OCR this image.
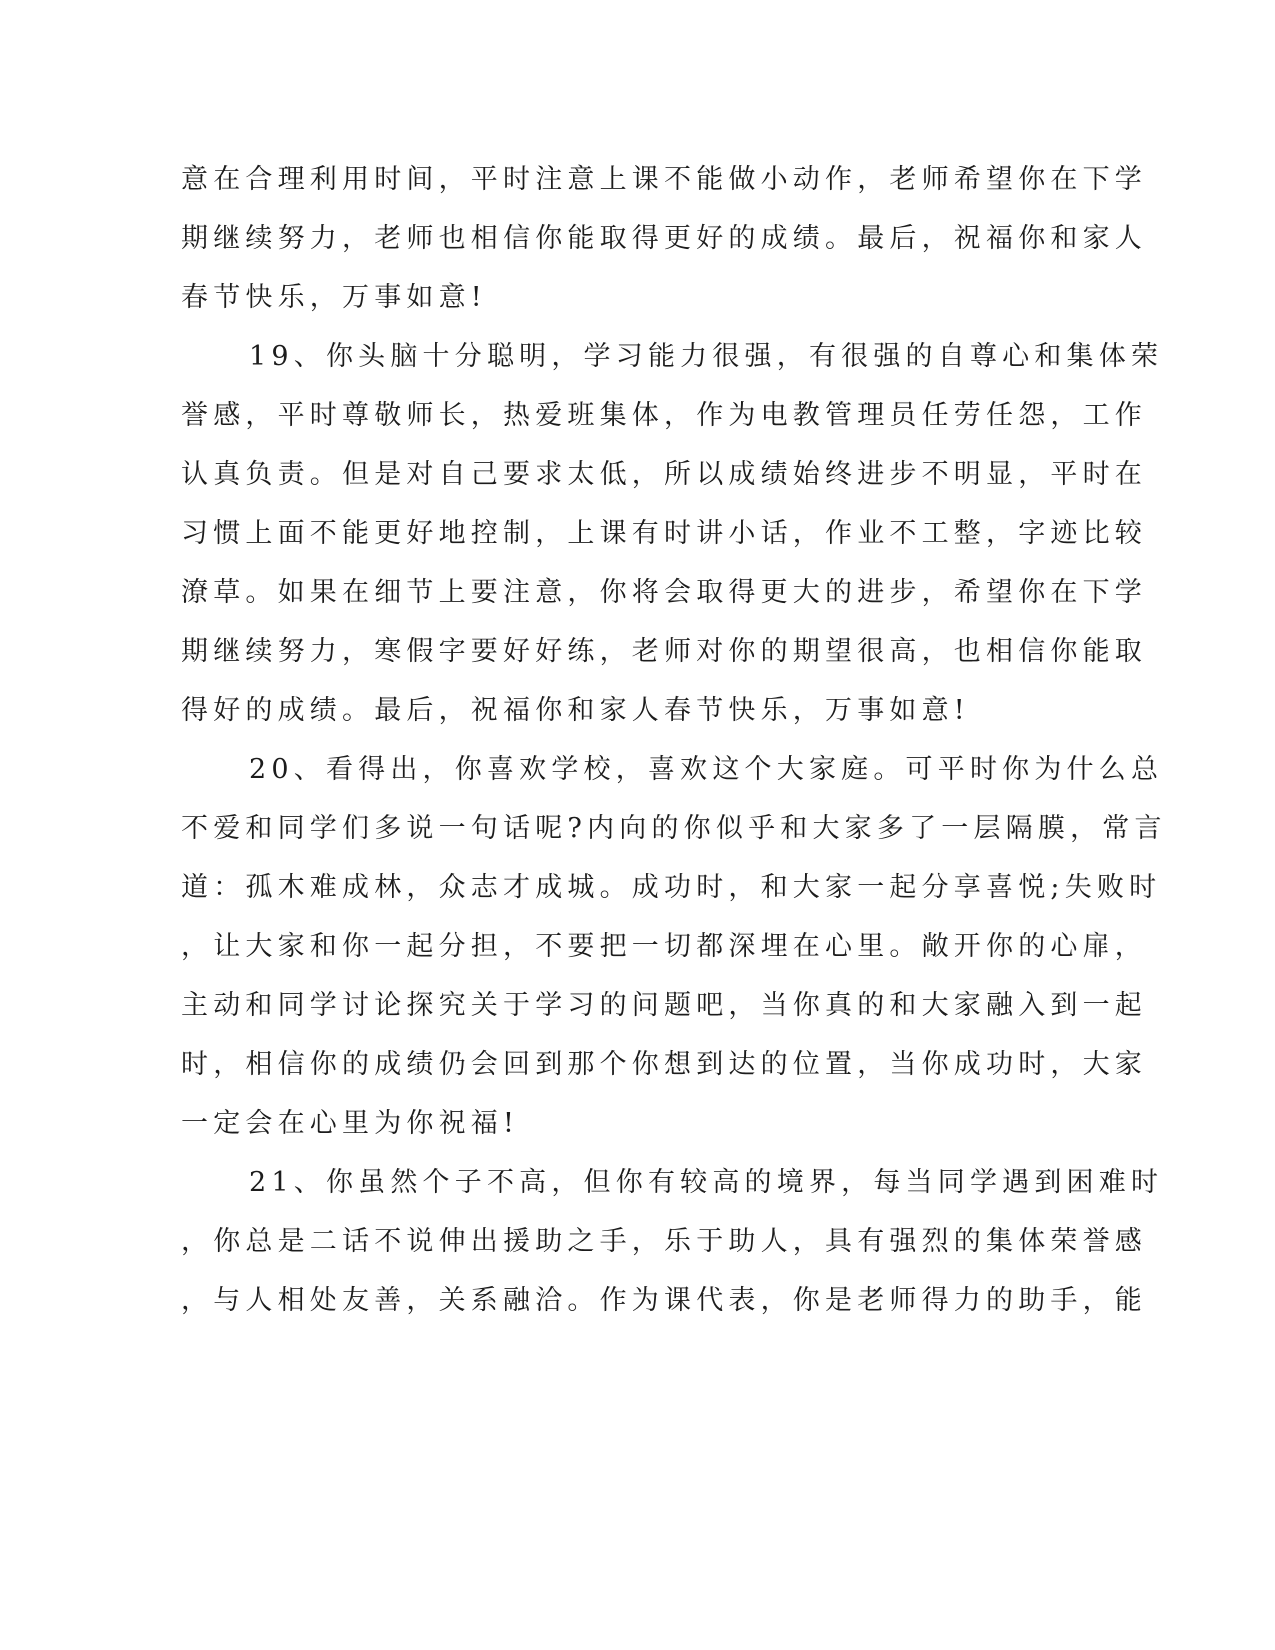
意在合理利用时间，平时注意上课不能做小动作，老师希望你在下学

期继续努力，老师也相信你能取得更好的成绩。最后，祝福你和家人

春节快乐，万事如意!

19、你头脑十分聪明，学习能力很强，有很强的自尊心和集体荣

誉感，平时尊敬师长，热爱班集体，作为电教管理员任劳任怨，工作

认真负责。但是对自己要求太低，所以成绩始终进步不明显，平时在

习惯上面不能更好地控制，上课有时讲小话，作业不工整，字迹比较

潦草。如果在细节上要注意，你将会取得更大的进步，希望你在下学

期继续努力，寒假字要好好练，老师对你的期望很高，也相信你能取

得好的成绩。最后，祝福你和家人春节快乐，万事如意!

20、看得出，你喜欢学校，喜欢这个大家庭。可平时你为什么总

不爱和同学们多说一句话呢?内向的你似乎和大家多了一层隔膜，常言

道：孤木难成林，众志才成城。成功时，和大家一起分享喜悦;失败时

，让大家和你一起分担，不要把一切都深埋在心里。敞开你的心扉，

主动和同学讨论探究关于学习的问题吧，当你真的和大家融入到一起

时，相信你的成绩仍会回到那个你想到达的位置，当你成功时，大家

一定会在心里为你祝福!

21、你虽然个子不高，但你有较高的境界，每当同学遇到困难时

，你总是二话不说伸出援助之手，乐于助人，具有强烈的集体荣誉感

，与人相处友善，关系融洽。作为课代表，你是老师得力的助手，能
